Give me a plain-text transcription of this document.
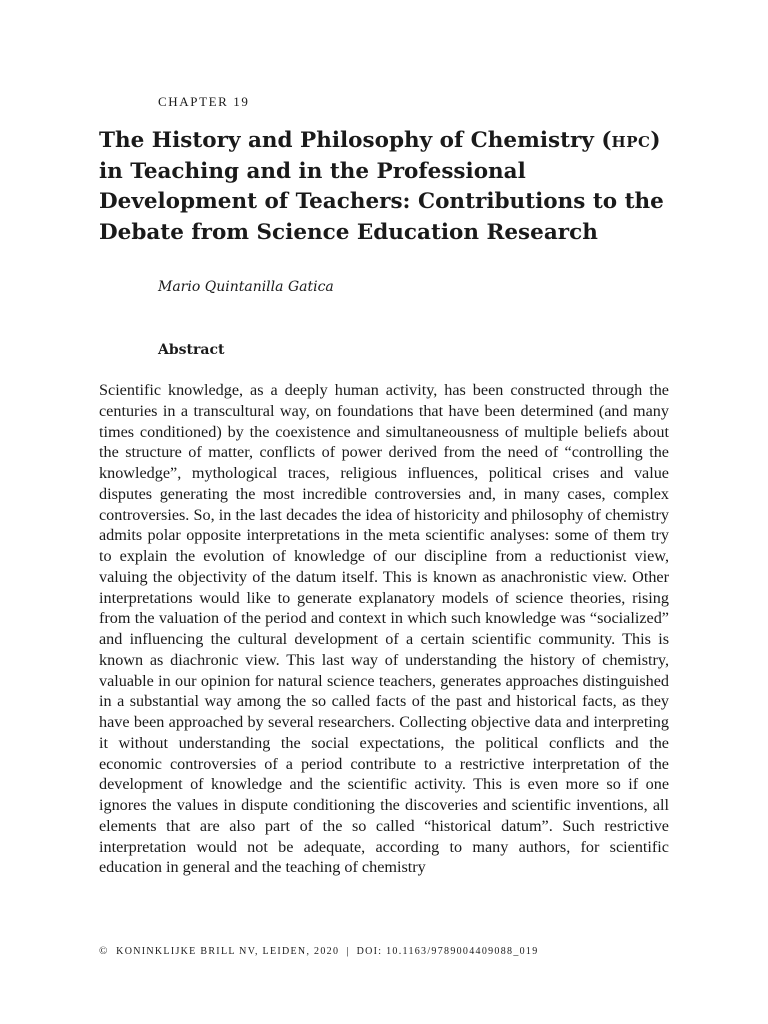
CHAPTER 19
The History and Philosophy of Chemistry (hpc) in Teaching and in the Professional Development of Teachers: Contributions to the Debate from Science Education Research
Mario Quintanilla Gatica
Abstract

Scientific knowledge, as a deeply human activity, has been constructed through the centuries in a transcultural way, on foundations that have been determined (and many times conditioned) by the coexistence and simultaneousness of multiple beliefs about the structure of matter, conflicts of power derived from the need of “controlling the knowledge”, mythological traces, religious influences, political crises and value disputes generating the most incredible controversies and, in many cases, complex controversies. So, in the last decades the idea of historicity and philosophy of chemistry admits polar opposite interpretations in the meta scientific analyses: some of them try to explain the evolution of knowledge of our discipline from a reductionist view, valuing the objectivity of the datum itself. This is known as anachronistic view. Other interpretations would like to generate explanatory models of science theories, rising from the valuation of the period and context in which such knowledge was “socialized” and influencing the cultural development of a certain scientific community. This is known as diachronic view. This last way of understanding the history of chemistry, valuable in our opinion for natural science teachers, generates approaches distinguished in a substantial way among the so called facts of the past and historical facts, as they have been approached by several researchers. Collecting objective data and interpreting it without understanding the social expectations, the political conflicts and the economic controversies of a period contribute to a restrictive interpretation of the development of knowledge and the scientific activity. This is even more so if one ignores the values in dispute conditioning the discoveries and scientific inventions, all elements that are also part of the so called “historical datum”. Such restrictive interpretation would not be adequate, according to many authors, for scientific education in general and the teaching of chemistry

© KONINKLIJKE BRILL NV, LEIDEN, 2020 | DOI: 10.1163/9789004409088_019
